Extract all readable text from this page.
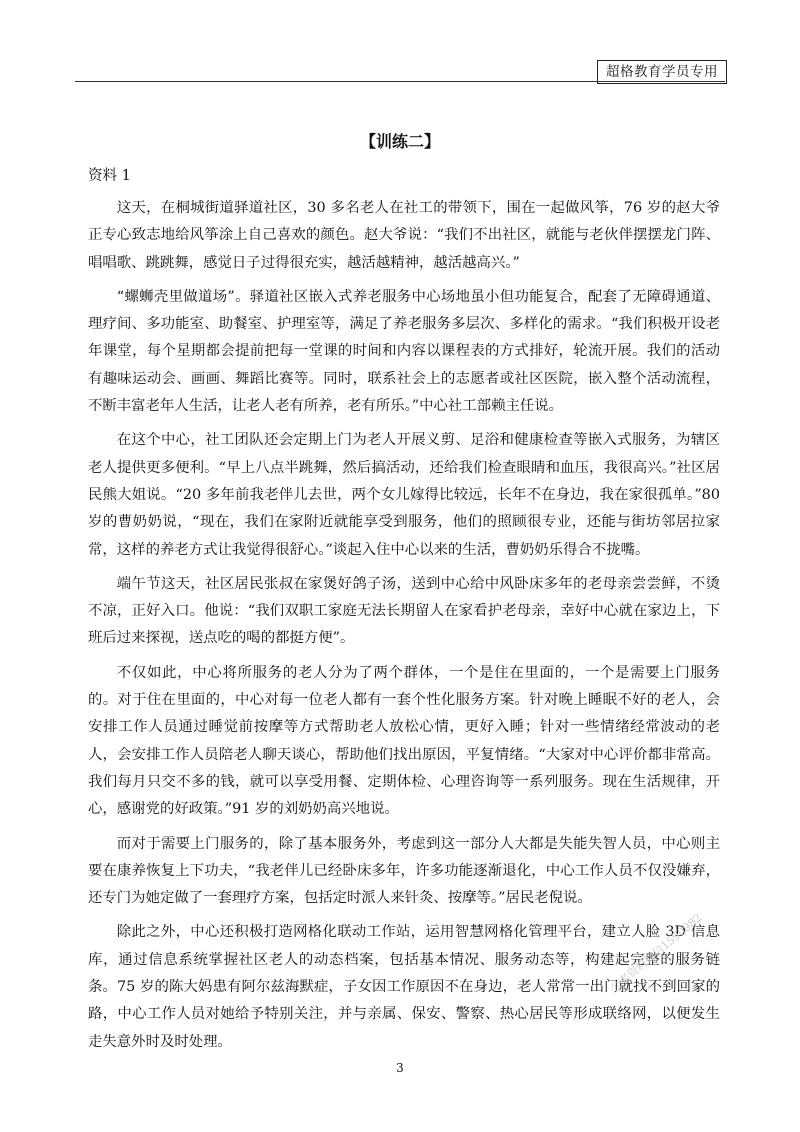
超格教育学员专用
【训练二】
资料 1

这天，在桐城街道驿道社区，30 多名老人在社工的带领下，围在一起做风筝，76 岁的赵大爷正专心致志地给风筝涂上自己喜欢的颜色。赵大爷说：“我们不出社区，就能与老伙伴摆摆龙门阵、唱唱歌、跳跳舞，感觉日子过得很充实，越活越精神，越活越高兴。”

“螺蛳壳里做道场”。驿道社区嵌入式养老服务中心场地虽小但功能复合，配套了无障碍通道、理疗间、多功能室、助餐室、护理室等，满足了养老服务多层次、多样化的需求。“我们积极开设老年课堂，每个星期都会提前把每一堂课的时间和内容以课程表的方式排好，轮流开展。我们的活动有趣味运动会、画画、舞蹈比赛等。同时，联系社会上的志愿者或社区医院，嵌入整个活动流程，不断丰富老年人生活，让老人老有所养，老有所乐。”中心社工部赖主任说。

在这个中心，社工团队还会定期上门为老人开展义剪、足浴和健康检查等嵌入式服务，为辖区老人提供更多便利。“早上八点半跳舞，然后搞活动，还给我们检查眼睛和血压，我很高兴。”社区居民熊大姐说。“20 多年前我老伴儿去世，两个女儿嫁得比较远，长年不在身边，我在家很孤单。”80 岁的曹奶奶说，“现在，我们在家附近就能享受到服务，他们的照顾很专业，还能与街坊邻居拉家常，这样的养老方式让我觉得很舒心。”谈起入住中心以来的生活，曹奶奶乐得合不拢嘴。

端午节这天，社区居民张叔在家煲好鸽子汤，送到中心给中风卧床多年的老母亲尝尝鲜，不烫不凉，正好入口。他说：“我们双职工家庭无法长期留人在家看护老母亲，幸好中心就在家边上，下班后过来探视，送点吃的喝的都挺方便”。

不仅如此，中心将所服务的老人分为了两个群体，一个是住在里面的，一个是需要上门服务的。对于住在里面的，中心对每一位老人都有一套个性化服务方案。针对晚上睡眠不好的老人，会安排工作人员通过睡觉前按摩等方式帮助老人放松心情，更好入睡；针对一些情绪经常波动的老人，会安排工作人员陪老人聊天谈心，帮助他们找出原因，平复情绪。“大家对中心评价都非常高。我们每月只交不多的钱，就可以享受用餐、定期体检、心理咨询等一系列服务。现在生活规律，开心，感谢党的好政策。”91 岁的刘奶奶高兴地说。

而对于需要上门服务的，除了基本服务外，考虑到这一部分人大都是失能失智人员，中心则主要在康养恢复上下功夫，“我老伴儿已经卧床多年，许多功能逐渐退化，中心工作人员不仅没嫌弃，还专门为她定做了一套理疗方案，包括定时派人来针灸、按摩等。”居民老倪说。

除此之外，中心还积极打造网格化联动工作站，运用智慧网格化管理平台，建立人脸 3D 信息库，通过信息系统掌握社区老人的动态档案，包括基本情况、服务动态等，构建起完整的服务链条。75 岁的陈大妈患有阿尔兹海默症，子女因工作原因不在身边，老人常常一出门就找不到回家的路，中心工作人员对她给予特别关注，并与亲属、保安、警察、热心居民等形成联络网，以便发生走失意外时及时处理。

公考资料微信1590982
3
